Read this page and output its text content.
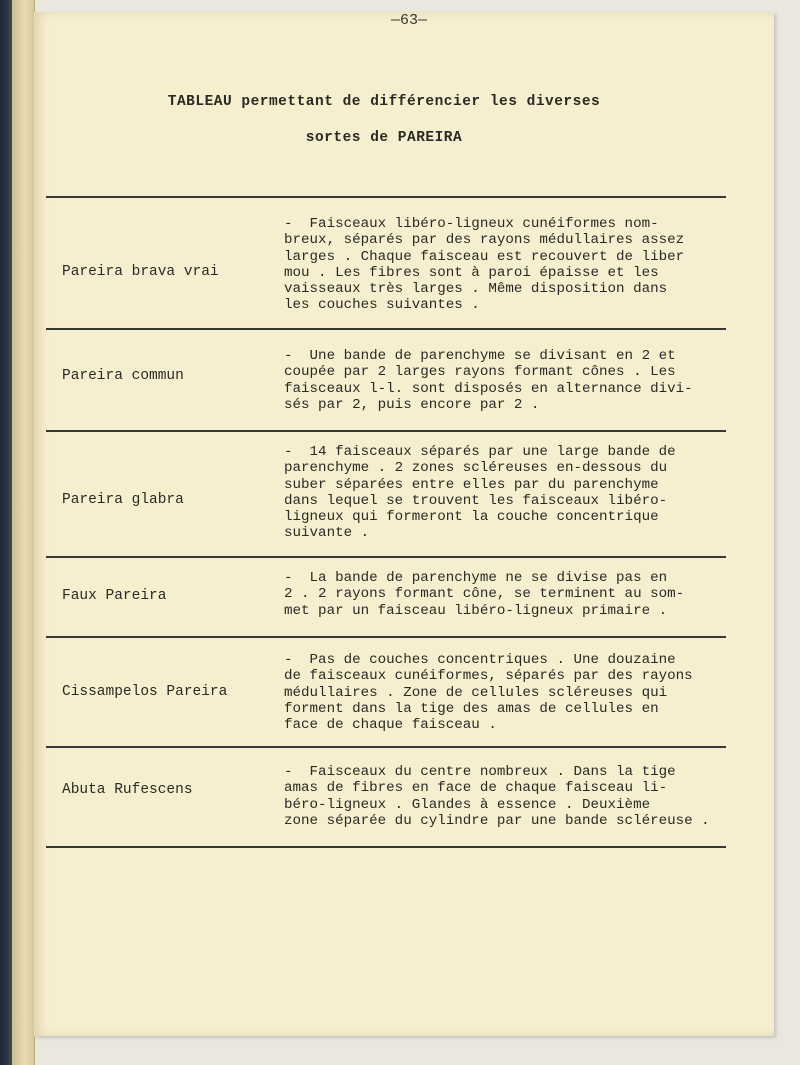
—63—
TABLEAU permettant de différencier les diverses
sortes de PAREIRA
Pareira brava vrai
-  Faisceaux libéro-ligneux cunéiformes nom-
breux, séparés par des rayons médullaires assez
larges . Chaque faisceau est recouvert de liber
mou . Les fibres sont à paroi épaisse et les
vaisseaux très larges . Même disposition dans
les couches suivantes .
Pareira commun
-  Une bande de parenchyme se divisant en 2 et
coupée par 2 larges rayons formant cônes . Les
faisceaux l-l. sont disposés en alternance divi-
sés par 2, puis encore par 2 .
Pareira glabra
-  14 faisceaux séparés par une large bande de
parenchyme . 2 zones scléreuses en-dessous du
suber séparées entre elles par du parenchyme
dans lequel se trouvent les faisceaux libéro-
ligneux qui formeront la couche concentrique
suivante .
Faux Pareira
-  La bande de parenchyme ne se divise pas en
2 . 2 rayons formant cône, se terminent au som-
met par un faisceau libéro-ligneux primaire .
Cissampelos Pareira
-  Pas de couches concentriques . Une douzaine
de faisceaux cunéiformes, séparés par des rayons
médullaires . Zone de cellules scléreuses qui
forment dans la tige des amas de cellules en
face de chaque faisceau .
Abuta Rufescens
-  Faisceaux du centre nombreux . Dans la tige
amas de fibres en face de chaque faisceau li-
béro-ligneux . Glandes à essence . Deuxième
zone séparée du cylindre par une bande scléreuse .
